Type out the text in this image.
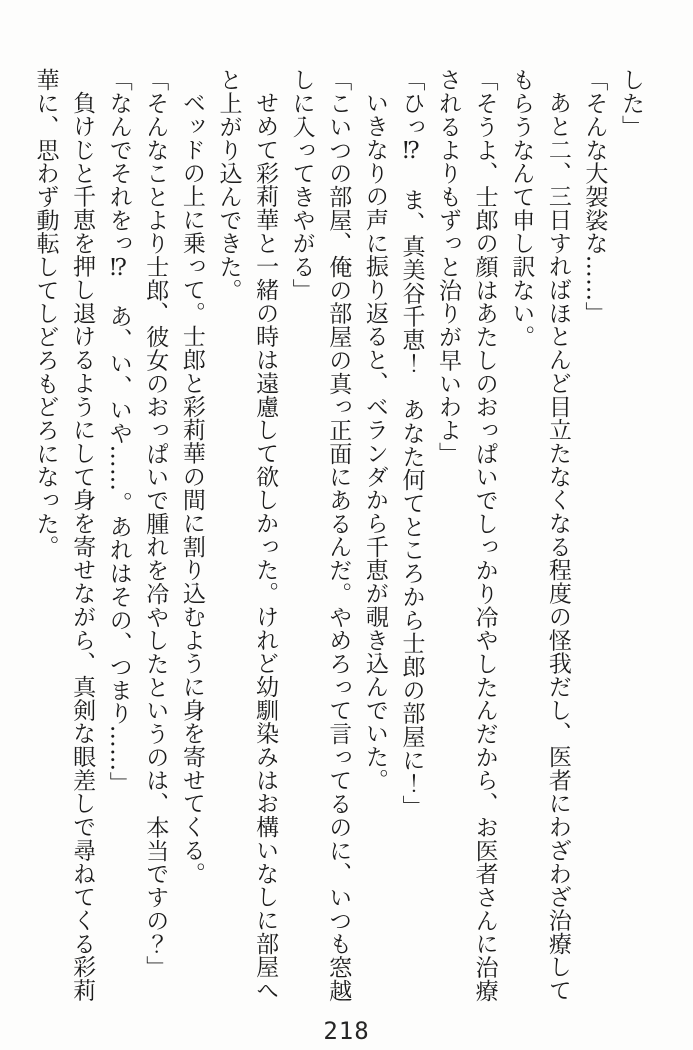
した」

「そんな大袈裟な……」

あと二、三日すればほとんど目立たなくなる程度の怪我だし、医者にわざわざ治療してもらうなんて申し訳ない。

「そうよ、士郎の顔はあたしのおっぱいでしっかり冷やしたんだから、お医者さんに治療されるよりもずっと治りが早いわよ」

「ひっ⁉　ま、真美谷千恵！　あなた何てところから士郎の部屋に！」

いきなりの声に振り返ると、ベランダから千恵が覗き込んでいた。

「こいつの部屋、俺の部屋の真っ正面にあるんだ。やめろって言ってるのに、いつも窓越しに入ってきやがる」

せめて彩莉華と一緒の時は遠慮して欲しかった。けれど幼馴染みはお構いなしに部屋へと上がり込んできた。

ベッドの上に乗って。士郎と彩莉華の間に割り込むように身を寄せてくる。

「そんなことより士郎、彼女のおっぱいで腫れを冷やしたというのは、本当ですの？」

「なんでそれをっ⁉　あ、い、いや……。あれはその、つまり……」

負けじと千恵を押し退けるようにして身を寄せながら、真剣な眼差しで尋ねてくる彩莉華に、思わず動転してしどろもどろになった。

218
